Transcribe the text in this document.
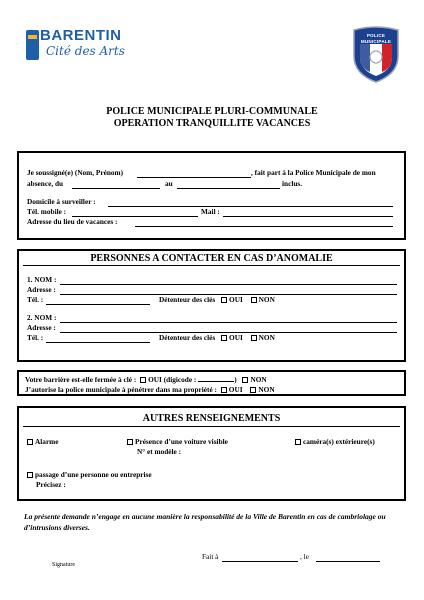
BARENTIN
Cité des Arts
POLICE
MUNICIPALE
POLICE MUNICIPALE PLURI-COMMUNALE
OPERATION TRANQUILLITE VACANCES
Je soussigné(e) (Nom, Prénom)	, fait part à la Police Municipale de mon
absence, du	au	inclus.
Domicile à surveiller :
Tél. mobile :	Mail :
Adresse du lieu de vacances :
PERSONNES A CONTACTER EN CAS D’ANOMALIE
1. NOM :
Adresse :
Tél. :	Détenteur des clés OUI NON
2. NOM :
Adresse :
Tél. :	Détenteur des clés OUI NON
Votre barrière est-elle fermée à clé : OUI (digicode :	) NON
J’autorise la police municipale à pénétrer dans ma propriété : OUI NON
AUTRES RENSEIGNEMENTS
Alarme	Présence d’une voiture visible
N° et modèle :
caméra(s) extérieure(s)
passage d’une personne ou entreprise
Précisez :
La présente demande n’engage en aucune manière la responsabilité de la Ville de Barentin en cas de cambriolage ou d’intrusions diverses.
Fait à	, le
Signature
